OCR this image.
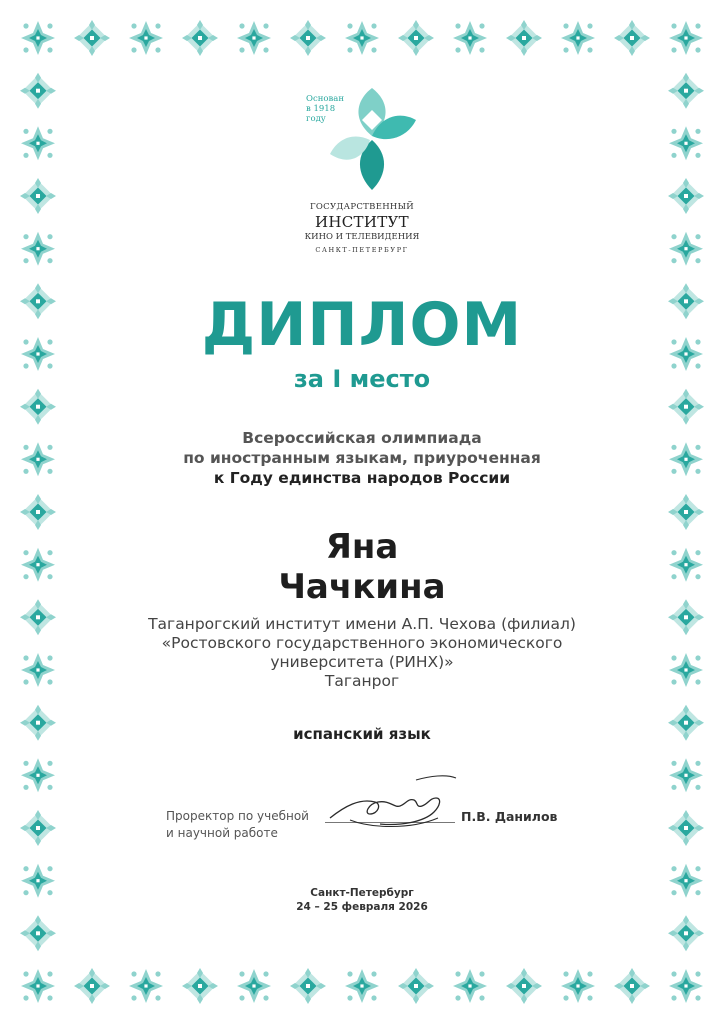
Основан
в 1918
году
ГОСУДАРСТВЕННЫЙ
ИНСТИТУТ
КИНО И ТЕЛЕВИДЕНИЯ
САНКТ-ПЕТЕРБУРГ
ДИПЛОМ
за I место
Всероссийская олимпиада
по иностранным языкам, приуроченная
к Году единства народов России
Яна
Чачкина
Таганрогский институт имени А.П. Чехова (филиал)
«Ростовского государственного экономического
университета (РИНХ)»
Таганрог
испанский язык
Проректор по учебной
и научной работе
П.В. Данилов
Санкт-Петербург
24 – 25 февраля 2026
